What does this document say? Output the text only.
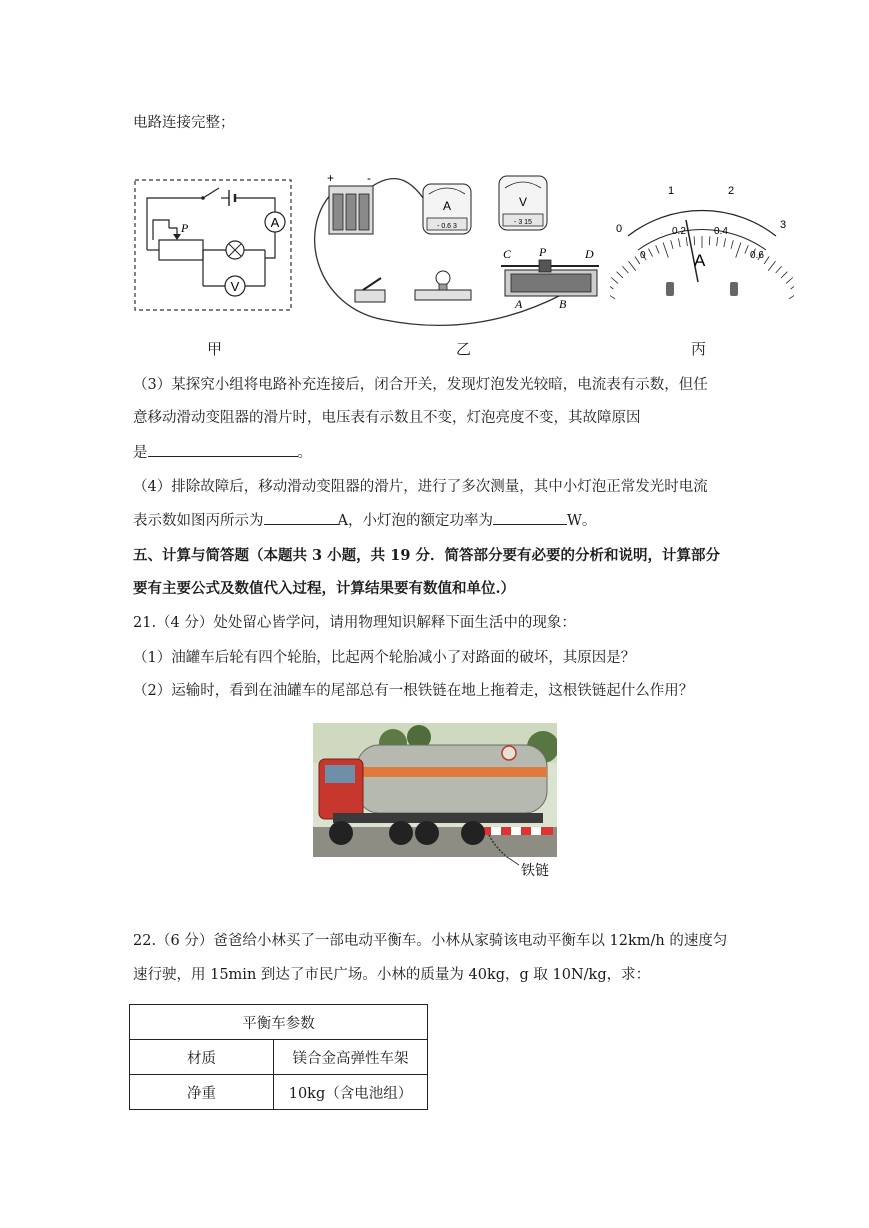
电路连接完整；
A
P
V
+	-
A
- 0.6 3
V
- 3 15
C P	D
A	B
0
1	2
3
0
0.2	0.4
0.6
A
甲	乙	丙
（3）某探究小组将电路补充连接后，闭合开关，发现灯泡发光较暗，电流表有示数，但任
意移动滑动变阻器的滑片时，电压表有示数且不变，灯泡亮度不变，其故障原因
是	。
（4）排除故障后，移动滑动变阻器的滑片，进行了多次测量，其中小灯泡正常发光时电流
表示数如图丙所示为	A，小灯泡的额定功率为	W。
五、计算与简答题（本题共 3 小题，共 19 分．简答部分要有必要的分析和说明，计算部分
要有主要公式及数值代入过程，计算结果要有数值和单位.）
21.（4 分）处处留心皆学问，请用物理知识解释下面生活中的现象：
（1）油罐车后轮有四个轮胎，比起两个轮胎减小了对路面的破坏，其原因是？
（2）运输时，看到在油罐车的尾部总有一根铁链在地上拖着走，这根铁链起什么作用？
铁链
22.（6 分）爸爸给小林买了一部电动平衡车。小林从家骑该电动平衡车以 12km/h 的速度匀
速行驶，用 15min 到达了市民广场。小林的质量为 40kg，g 取 10N/kg，求：
平衡车参数	
材质	镁合金高弹性车架
净重	10kg（含电池组）
